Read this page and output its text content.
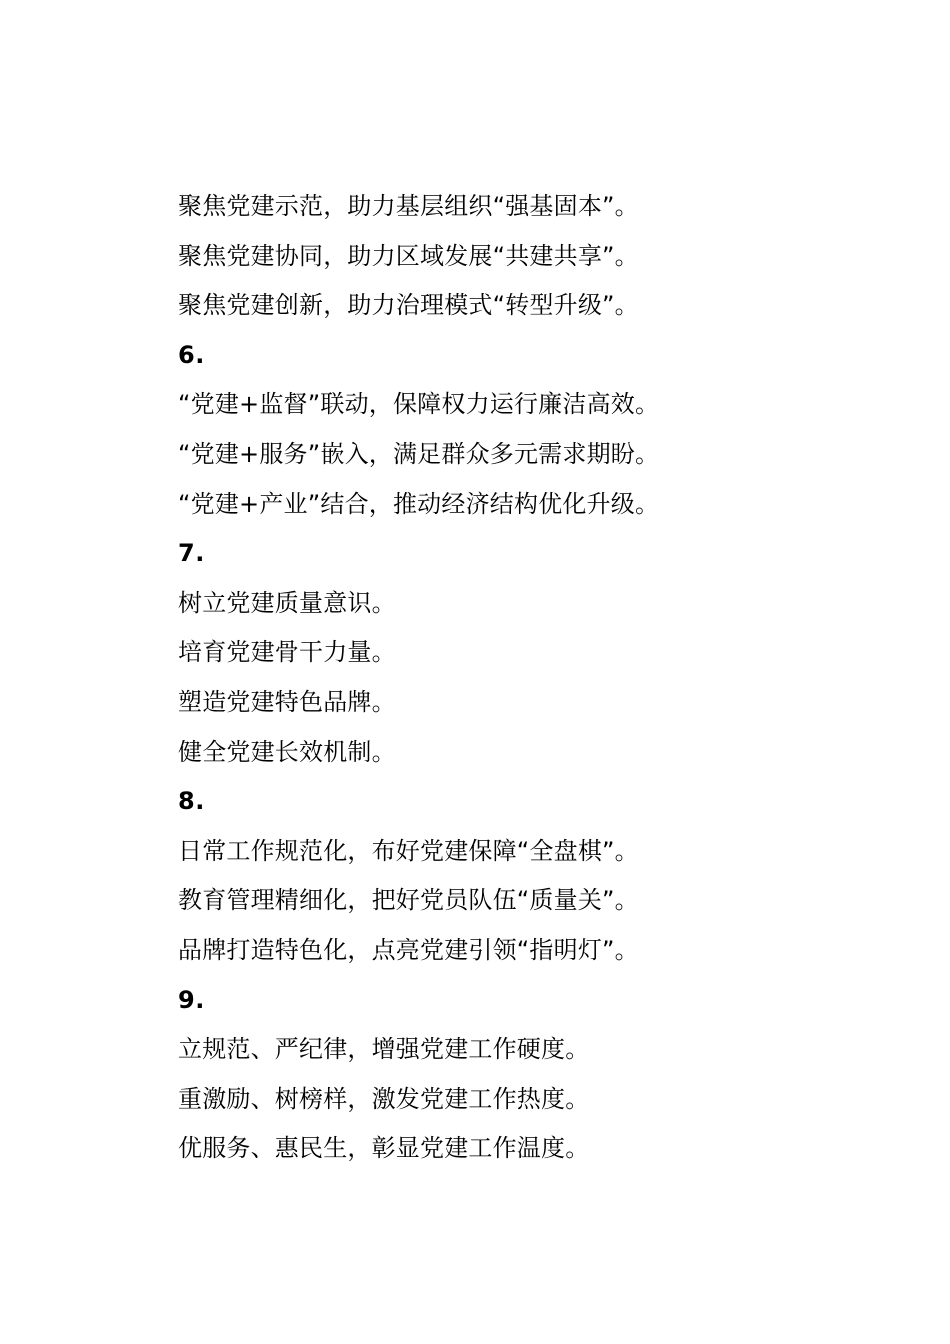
聚焦党建示范，助力基层组织“强基固本”。
聚焦党建协同，助力区域发展“共建共享”。
聚焦党建创新，助力治理模式“转型升级”。
6.
“党建+监督”联动，保障权力运行廉洁高效。
“党建+服务”嵌入，满足群众多元需求期盼。
“党建+产业”结合，推动经济结构优化升级。
7.
树立党建质量意识。
培育党建骨干力量。
塑造党建特色品牌。
健全党建长效机制。
8.
日常工作规范化，布好党建保障“全盘棋”。
教育管理精细化，把好党员队伍“质量关”。
品牌打造特色化，点亮党建引领“指明灯”。
9.
立规范、严纪律，增强党建工作硬度。
重激励、树榜样，激发党建工作热度。
优服务、惠民生，彰显党建工作温度。
